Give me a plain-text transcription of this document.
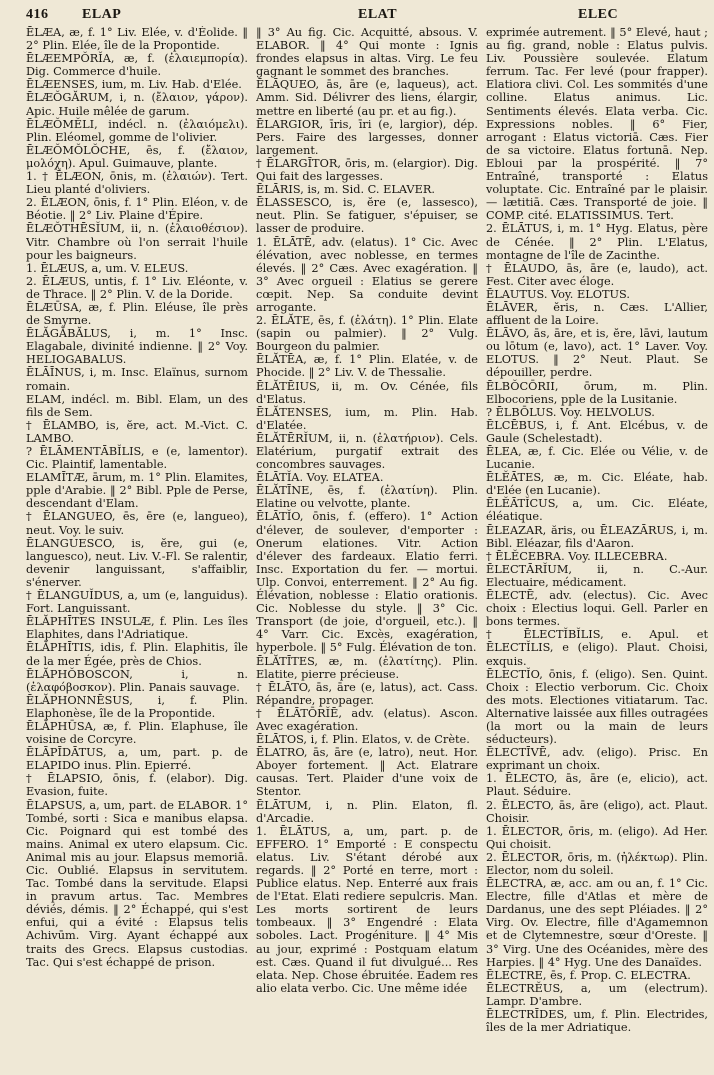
416 ELAP	ELAT	ELEC

ĒLÆA, æ, f. 1° Liv. Elée, v. d'Éolide. ‖ 2° Plin. Elée, île de la Propontide.

ĒLÆEMPŎRĬA, æ, f. (ἐλαιεμπορία). Dig. Commerce d'huile.

ĒLÆENSES, ium, m. Liv. Hab. d'Elée.

ĒLÆŎGĂRUM, i, n. (ἔλαιον, γάρον). Apic. Huile mêlée de garum.

ĒLÆŎMĔLI, indécl. n. (ἐλαιόμελι). Plin. Eléomel, gomme de l'olivier.

ĒLÆŎMŎLŎCHE, ēs, f. (ἔλαιον, μολόχη). Apul. Guimauve, plante.

1. † ĒLÆON, ōnis, m. (ἐλαιών). Tert. Lieu planté d'oliviers.

2. ĒLÆON, ōnis, f. 1° Plin. Eléon, v. de Béotie. ‖ 2° Liv. Plaine d'Épire.

ĒLÆŎTHĒSĬUM, ii, n. (ἐλαιοθέσιον). Vitr. Chambre où l'on serrait l'huile pour les baigneurs.

1. ĒLÆUS, a, um. V. ELEUS.

2. ĒLÆUS, untis, f. 1° Liv. Eléonte, v. de Thrace. ‖ 2° Plin. V. de la Doride.

ĒLÆŪSA, æ, f. Plin. Eléuse, île près de Smyrne.

ĒLĂGĂBĂLUS, i, m. 1° Insc. Elagabale, divinité indienne. ‖ 2° Voy. HELIOGABALUS.

ĒLĀĪNUS, i, m. Insc. Elaïnus, surnom romain.

ELAM, indécl. m. Bibl. Elam, un des fils de Sem.

† ĒLAMBO, is, ĕre, act. M.-Vict. C. LAMBO.

? ĒLĀMENTĀBĬLIS, e (e, lamentor). Cic. Plaintif, lamentable.

ELAMĪTÆ, ārum, m. 1° Plin. Elamites, pple d'Arabie. ‖ 2° Bibl. Pple de Perse, descendant d'Elam.

† ĒLANGUEO, ēs, ēre (e, langueo), neut. Voy. le suiv.

ĒLANGUESCO, is, ĕre, gui (e, languesco), neut. Liv. V.-Fl. Se ralentir, devenir languissant, s'affaiblir, s'énerver.

† ĒLANGUĬDUS, a, um (e, languidus). Fort. Languissant.

ĒLĂPHĪTES INSULÆ, f. Plin. Les îles Elaphites, dans l'Adriatique.

ĒLĂPHĪTIS, idis, f. Plin. Elaphitis, île de la mer Égée, près de Chios.

ĒLĂPHŎBOSCON, i, n. (ἐλαφόβοσκον). Plin. Panais sauvage.

ĒLĂPHONNĒSUS, i, f. Plin. Elaphonèse, île de la Propontide.

ĒLĂPHŪSA, æ, f. Plin. Elaphuse, île voisine de Corcyre.

ĒLĀPĪDĀTUS, a, um, part. p. de ELAPIDO inus. Plin. Epierré.

† ĒLAPSIO, ōnis, f. (elabor). Dig. Evasion, fuite.

ĒLAPSUS, a, um, part. de ELABOR. 1° Tombé, sorti : Sica e manibus elapsa. Cic. Poignard qui est tombé des mains. Animal ex utero elapsum. Cic. Animal mis au jour. Elapsus memoriā. Cic. Oublié. Elapsus in servitutem. Tac. Tombé dans la servitude. Elapsi in pravum artus. Tac. Membres déviés, démis. ‖ 2° Échappé, qui s'est enfui, qui a évité : Elapsus telis Achivūm. Virg. Ayant échappé aux traits des Grecs. Elapsus custodias. Tac. Qui s'est échappé de prison.

‖ 3° Au fig. Cic. Acquitté, absous. V. ELABOR. ‖ 4° Qui monte : Ignis frondes elapsus in altas. Virg. Le feu gagnant le sommet des branches.

ĒLĀQUEO, ās, āre (e, laqueus), act. Amm. Sid. Délivrer des liens, élargir, mettre en liberté (au pr. et au fig.).

ĒLARGIOR, īris, īri (e, largior), dép. Pers. Faire des largesses, donner largement.

† ĒLARGĪTOR, ōris, m. (elargior). Dig. Qui fait des largesses.

ĒLĀRIS, is, m. Sid. C. ELAVER.

ĒLASSESCO, is, ĕre (e, lassesco), neut. Plin. Se fatiguer, s'épuiser, se lasser de produire.

1. ĒLĀTĒ, adv. (elatus). 1° Cic. Avec élévation, avec noblesse, en termes élevés. ‖ 2° Cæs. Avec exagération. ‖ 3° Avec orgueil : Elatius se gerere cœpit. Nep. Sa conduite devint arrogante.

2. ĒLĂTE, ēs, f. (ἐλάτη). 1° Plin. Elate (sapin ou palmier). ‖ 2° Vulg. Bourgeon du palmier.

ĒLĂTĒA, æ, f. 1° Plin. Elatée, v. de Phocide. ‖ 2° Liv. V. de Thessalie.

ĒLĂTĒIUS, ii, m. Ov. Cénée, fils d'Elatus.

ĒLĂTENSES, ium, m. Plin. Hab. d'Elatée.

ĒLĂTĒRĬUM, ii, n. (ἐλατήριον). Cels. Elatérium, purgatif extrait des concombres sauvages.

ĒLĀTĬA. Voy. ELATEA.

ĒLĂTĪNE, ēs, f. (ἐλατίνη). Plin. Elatine ou velvotte, plante.

ĒLĀTĬO, ōnis, f. (effero). 1° Action d'élever, de soulever, d'emporter : Onerum elationes. Vitr. Action d'élever des fardeaux. Elatio ferri. Insc. Exportation du fer. — mortui. Ulp. Convoi, enterrement. ‖ 2° Au fig. Élévation, noblesse : Elatio orationis. Cic. Noblesse du style. ‖ 3° Cic. Transport (de joie, d'orgueil, etc.). ‖ 4° Varr. Cic. Excès, exagération, hyperbole. ‖ 5° Fulg. Élévation de ton.

ĒLĂTĪTES, æ, m. (ἐλατίτης). Plin. Elatite, pierre précieuse.

† ĒLĀTO, ās, āre (e, latus), act. Cass. Répandre, propager.

† ĒLĀTŌRĬĒ, adv. (elatus). Ascon. Avec exagération.

ĒLĀTOS, i, f. Plin. Elatos, v. de Crète.

ĒLATRO, ās, āre (e, latro), neut. Hor. Aboyer fortement. ‖ Act. Elatrare causas. Tert. Plaider d'une voix de Stentor.

ĒLĀTUM, i, n. Plin. Elaton, fl. d'Arcadie.

1. ĒLĀTUS, a, um, part. p. de EFFERO. 1° Emporté : E conspectu elatus. Liv. S'étant dérobé aux regards. ‖ 2° Porté en terre, mort : Publice elatus. Nep. Enterré aux frais de l'Etat. Elati rediere sepulcris. Man. Les morts sortirent de leurs tombeaux. ‖ 3° Engendré : Elata soboles. Lact. Progéniture. ‖ 4° Mis au jour, exprimé : Postquam elatum est. Cæs. Quand il fut divulgué... Res elata. Nep. Chose ébruitée. Eadem res alio elata verbo. Cic. Une même idée

exprimée autrement. ‖ 5° Elevé, haut ; au fig. grand, noble : Elatus pulvis. Liv. Poussière soulevée. Elatum ferrum. Tac. Fer levé (pour frapper). Elatiora clivi. Col. Les sommités d'une colline. Elatus animus. Lic. Sentiments élevés. Elata verba. Cic. Expressions nobles. ‖ 6° Fier, arrogant : Elatus victoriā. Cæs. Fier de sa victoire. Elatus fortunā. Nep. Ebloui par la prospérité. ‖ 7° Entraîné, transporté : Elatus voluptate. Cic. Entraîné par le plaisir. — lætitiā. Cæs. Transporté de joie. ‖ COMP. cité. ELATISSIMUS. Tert.

2. ĒLĀTUS, i, m. 1° Hyg. Elatus, père de Cénée. ‖ 2° Plin. L'Elatus, montagne de l'île de Zacinthe.

† ĒLAUDO, ās, āre (e, laudo), act. Fest. Citer avec éloge.

ĒLAUTUS. Voy. ELOTUS.

ĒLĀVER, ĕris, n. Cæs. L'Allier, affluent de la Loire.

ĒLĀVO, ās, āre, et is, ĕre, lāvi, lautum ou lōtum (e, lavo), act. 1° Laver. Voy. ELOTUS. ‖ 2° Neut. Plaut. Se dépouiller, perdre.

ĒLBŎCŌRII, ōrum, m. Plin. Elbocoriens, pple de la Lusitanie.

? ĒLBŌLUS. Voy. HELVOLUS.

ĒLCĒBUS, i, f. Ant. Elcébus, v. de Gaule (Schelestadt).

ĒLEA, æ, f. Cic. Elée ou Vélie, v. de Lucanie.

ĒLĔĀTES, æ, m. Cic. Eléate, hab. d'Elée (en Lucanie).

ĒLĔĀTĬCUS, a, um. Cic. Eléate, éléatique.

ĒLEAZAR, ăris, ou ĒLEAZĀRUS, i, m. Bibl. Eléazar, fils d'Aaron.

† ĒLĔCEBRA. Voy. ILLECEBRA.

ĒLECTĀRĬUM, ii, n. C.-Aur. Electuaire, médicament.

ĒLECTĒ, adv. (electus). Cic. Avec choix : Electius loqui. Gell. Parler en bons termes.

† ĒLECTĬBĬLIS, e. Apul. et ĒLECTĬLIS, e (eligo). Plaut. Choisi, exquis.

ĒLECTĬO, ōnis, f. (eligo). Sen. Quint. Choix : Electio verborum. Cic. Choix des mots. Electiones vitiatarum. Tac. Alternative laissée aux filles outragées (la mort ou la main de leurs séducteurs).

ĒLECTĪVĒ, adv. (eligo). Prisc. En exprimant un choix.

1. ĒLECTO, ās, āre (e, elicio), act. Plaut. Séduire.

2. ĒLECTO, ās, āre (eligo), act. Plaut. Choisir.

1. ĒLECTOR, ōris, m. (eligo). Ad Her. Qui choisit.

2. ĒLECTOR, ōris, m. (ἠλέκτωρ). Plin. Elector, nom du soleil.

ĒLECTRA, æ, acc. am ou an, f. 1° Cic. Electre, fille d'Atlas et mère de Dardanus, une des sept Pléiades. ‖ 2° Virg. Ov. Electre, fille d'Agamemnon et de Clytemnestre, sœur d'Oreste. ‖ 3° Virg. Une des Océanides, mère des Harpies. ‖ 4° Hyg. Une des Danaïdes.

ĒLECTRE, ēs, f. Prop. C. ELECTRA.

ĒLECTRĔUS, a, um (electrum). Lampr. D'ambre.

ĒLECTRĪDES, um, f. Plin. Electrides, îles de la mer Adriatique.
